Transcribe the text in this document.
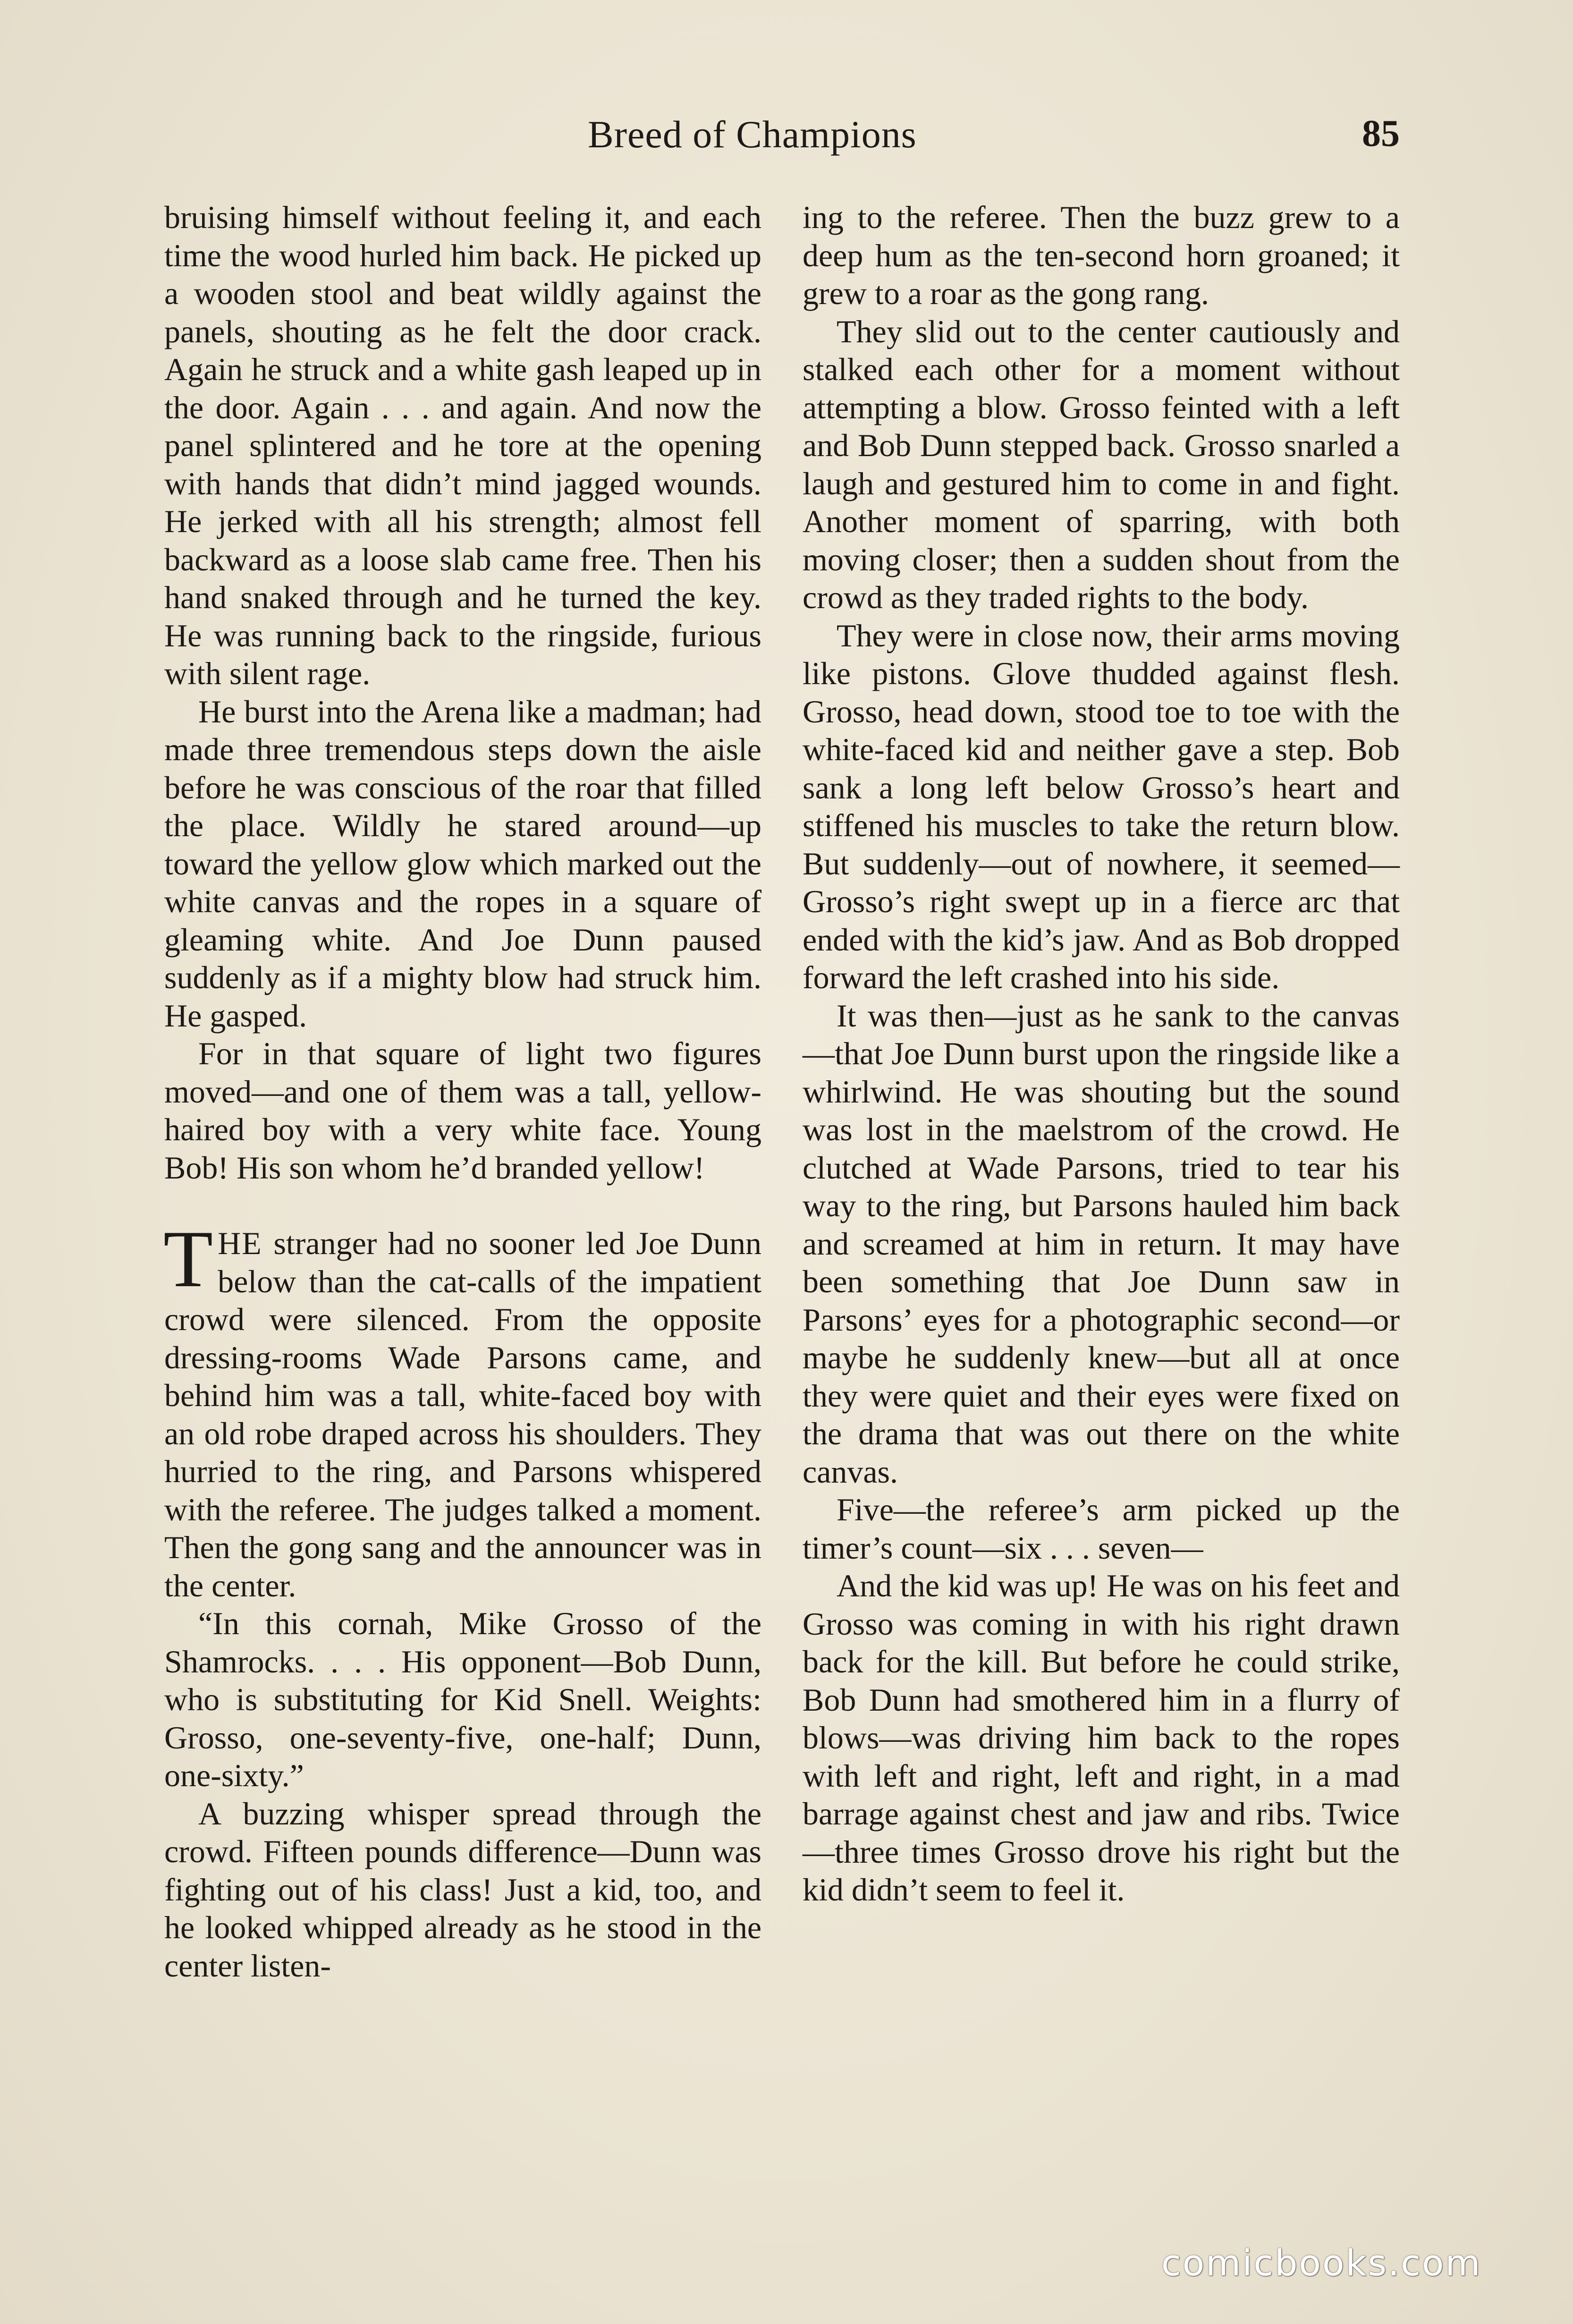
Breed of Champions	85

bruising himself without feeling it, and each time the wood hurled him back. He picked up a wooden stool and beat wildly against the panels, shouting as he felt the door crack. Again he struck and a white gash leaped up in the door. Again . . . and again. And now the panel splintered and he tore at the opening with hands that didn’t mind jagged wounds. He jerked with all his strength; almost fell backward as a loose slab came free. Then his hand snaked through and he turned the key. He was running back to the ringside, furious with silent rage.

He burst into the Arena like a madman; had made three tremendous steps down the aisle before he was conscious of the roar that filled the place. Wildly he stared around—up toward the yellow glow which marked out the white canvas and the ropes in a square of gleaming white. And Joe Dunn paused suddenly as if a mighty blow had struck him. He gasped.

For in that square of light two figures moved—and one of them was a tall, yellow-haired boy with a very white face. Young Bob! His son whom he’d branded yellow!

THE stranger had no sooner led Joe Dunn below than the cat-calls of the impatient crowd were silenced. From the opposite dressing-rooms Wade Parsons came, and behind him was a tall, white-faced boy with an old robe draped across his shoulders. They hurried to the ring, and Parsons whispered with the referee. The judges talked a moment. Then the gong sang and the announcer was in the center.

“In this cornah, Mike Grosso of the Shamrocks. . . . His opponent—Bob Dunn, who is substituting for Kid Snell. Weights: Grosso, one-seventy-five, one-half; Dunn, one-sixty.”

A buzzing whisper spread through the crowd. Fifteen pounds difference—Dunn was fighting out of his class! Just a kid, too, and he looked whipped already as he stood in the center listen-

ing to the referee. Then the buzz grew to a deep hum as the ten-second horn groaned; it grew to a roar as the gong rang.

They slid out to the center cautiously and stalked each other for a moment without attempting a blow. Grosso feinted with a left and Bob Dunn stepped back. Grosso snarled a laugh and gestured him to come in and fight. Another moment of sparring, with both moving closer; then a sudden shout from the crowd as they traded rights to the body.

They were in close now, their arms moving like pistons. Glove thudded against flesh. Grosso, head down, stood toe to toe with the white-faced kid and neither gave a step. Bob sank a long left below Grosso’s heart and stiffened his muscles to take the return blow. But suddenly—out of nowhere, it seemed—Grosso’s right swept up in a fierce arc that ended with the kid’s jaw. And as Bob dropped forward the left crashed into his side.

It was then—just as he sank to the canvas—that Joe Dunn burst upon the ringside like a whirlwind. He was shouting but the sound was lost in the maelstrom of the crowd. He clutched at Wade Parsons, tried to tear his way to the ring, but Parsons hauled him back and screamed at him in return. It may have been something that Joe Dunn saw in Parsons’ eyes for a photographic second—or maybe he suddenly knew—but all at once they were quiet and their eyes were fixed on the drama that was out there on the white canvas.

Five—the referee’s arm picked up the timer’s count—six . . . seven—

And the kid was up! He was on his feet and Grosso was coming in with his right drawn back for the kill. But before he could strike, Bob Dunn had smothered him in a flurry of blows—was driving him back to the ropes with left and right, left and right, in a mad barrage against chest and jaw and ribs. Twice—three times Grosso drove his right but the kid didn’t seem to feel it.

comicbooks.com
